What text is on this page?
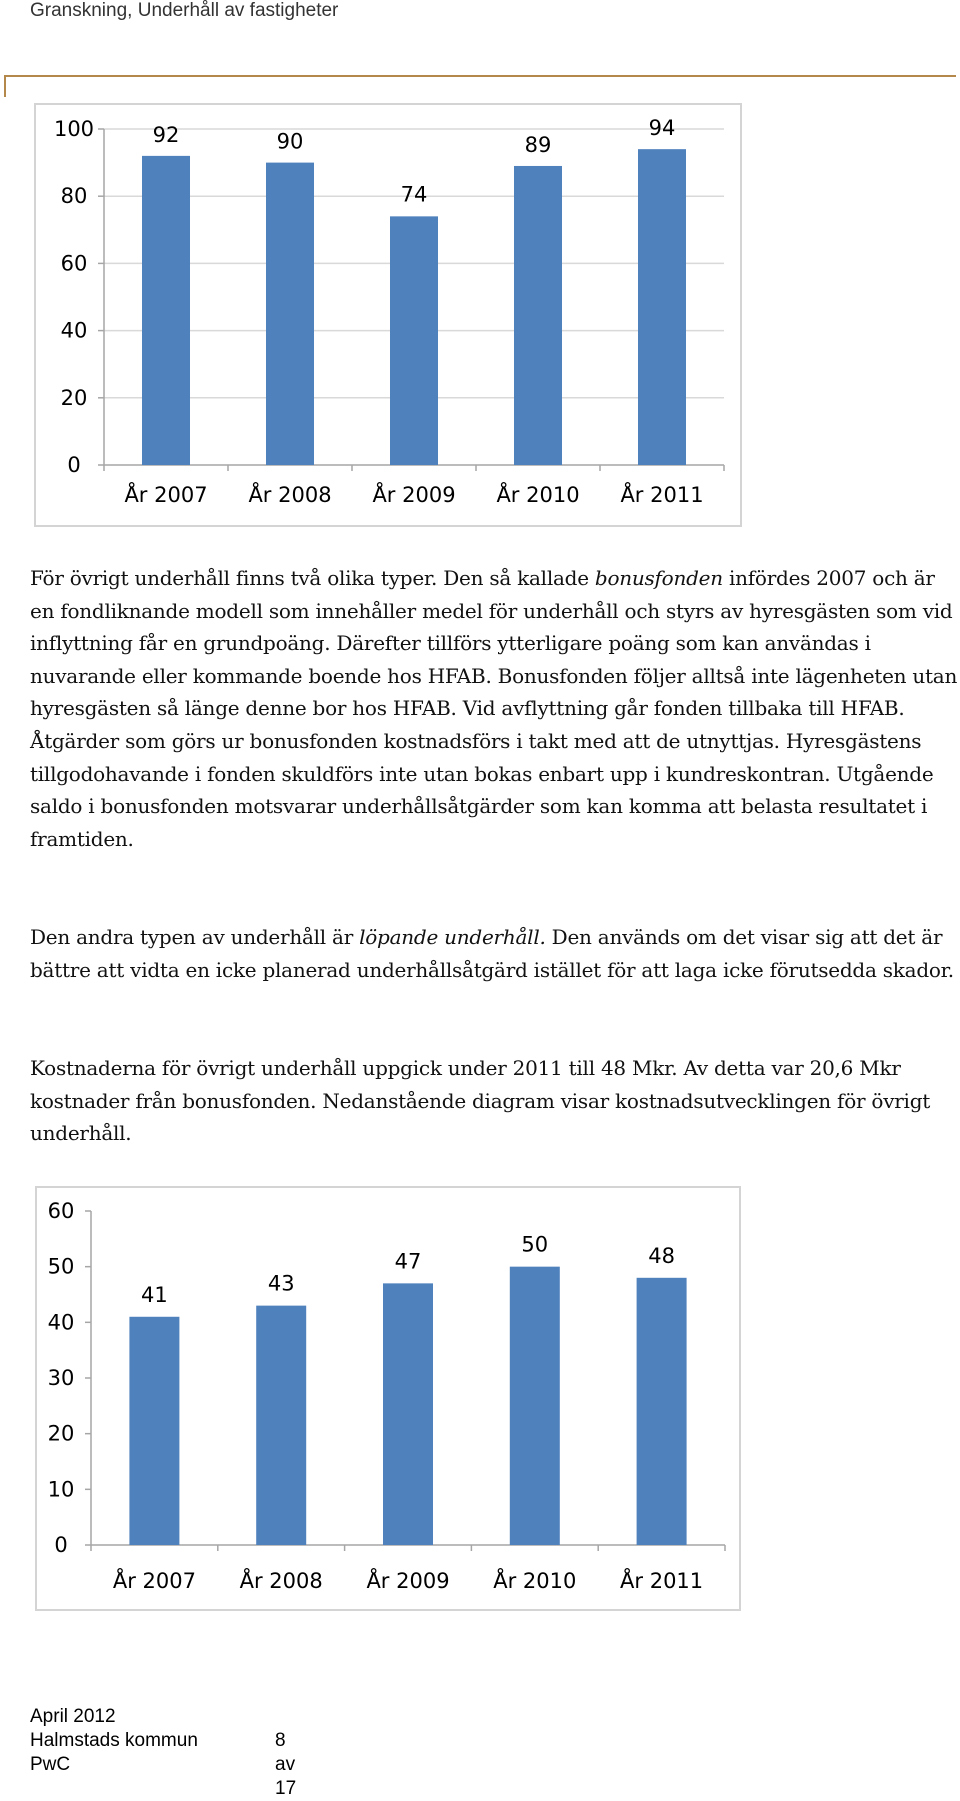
Granskning, Underhåll av fastigheter
0
20
40
60
80
100	92
År 2007
90
År 2008
74
År 2009
89
År 2010
94
År 2011

För övrigt underhåll finns två olika typer. Den så kallade bonusfonden infördes 2007 och är en fondliknande modell som innehåller medel för underhåll och styrs av hyresgästen som vid inflyttning får en grundpoäng. Därefter tillförs ytterligare poäng som kan användas i nuvarande eller kommande boende hos HFAB. Bonusfonden följer alltså inte lägenheten utan hyresgästen så länge denne bor hos HFAB. Vid avflyttning går fonden tillbaka till HFAB. Åtgärder som görs ur bonusfonden kostnadsförs i takt med att de utnyttjas. Hyresgästens tillgodohavande i fonden skuldförs inte utan bokas enbart upp i kundreskontran. Utgående saldo i bonusfonden motsvarar underhållsåtgärder som kan komma att belasta resultatet i framtiden.

Den andra typen av underhåll är löpande underhåll. Den används om det visar sig att det är bättre att vidta en icke planerad underhållsåtgärd istället för att laga icke förutsedda skador.

Kostnaderna för övrigt underhåll uppgick under 2011 till 48 Mkr. Av detta var 20,6 Mkr kostnader från bonusfonden. Nedanstående diagram visar kostnadsutvecklingen för övrigt underhåll.

0
10
20
30
40
50
60
41
År 2007
43
År 2008
47
År 2009
50
År 2010
48
År 2011
April 2012
Halmstads kommun	8 av 17
PwC
